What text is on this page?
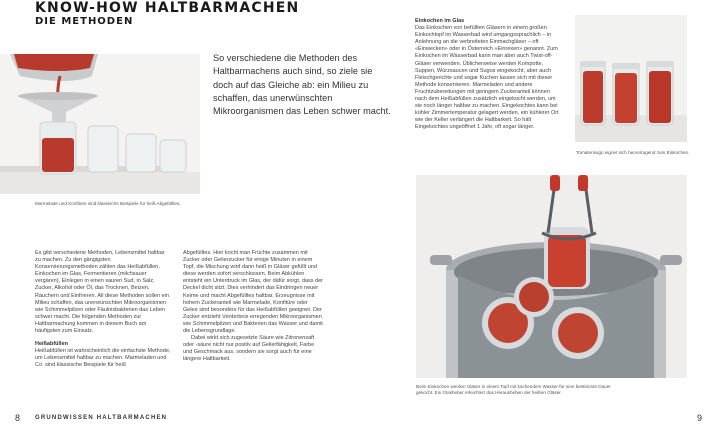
KNOW-HOW HALTBARMACHEN
DIE METHODEN
Marmelade und Konfitüre sind klassische Beispiele für heiß Abgefülltes.
So verschiedene die Methoden des Haltbarmachens auch sind, so ziele sie doch auf das Gleiche ab: ein Milieu zu schaffen, das unerwünschten Mikroorganismen das Leben schwer macht.
Einkochen im Glas

Das Einkochen von befüllten Gläsern in einem großen Einkochtopf im Wasserbad wird umgangssprachlich – in Anlehnung an die verbreiteten Einmachgläser – oft «Einwecken» oder in Österreich «Einrexen» genannt. Zum Einkochen im Wasserbad kann man aber auch Twist-off-Gläser verwenden. Üblicherweise werden Kompotte, Suppen, Würzsaucen und Sugos eingekocht, aber auch Fleischgerichte und sogar Kuchen lassen sich mit dieser Methode konservieren. Marmeladen und andere Fruchtzubereitungen mit geringem Zuckeranteil können nach dem Heißabfüllen zusätzlich eingekocht werden, um sie noch länger haltbar zu machen. Eingekochtes kann bei kühler Zimmertemperatur gelagert werden, ein kühlerer Ort wie der Keller verlängert die Haltbarkeit. So hält Eingekochtes ungeöffnet 1 Jahr, oft sogar länger.

Tomatensugo eignet sich hervorragend zum Einkochen.

Es gibt verschiedene Methoden, Lebensmittel haltbar zu machen. Zu den gängigsten Konservierungsmethoden zählen das Heißabfüllen, Einkochen im Glas, Fermentieren (milchsauer vergären), Einlegen in einen sauren Sud, in Salz, Zucker, Alkohol oder Öl, das Trocknen, Beizen, Räuchern und Einfrieren. All diese Methoden sollen ein Milieu schaffen, das unerwünschten Mikroorganismen wie Schimmelpilzen oder Fäulnisbakterien das Leben schwer macht. Die folgenden Methoden zur Haltbarmachung kommen in diesem Buch am häufigsten zum Einsatz.

Heißabfüllen

Heißabfüllen ist wahrscheinlich die einfachste Methode, um Lebensmittel haltbar zu machen. Marmeladen und Co. sind klassische Beispiele für heiß

Abgefülltes. Hier kocht man Früchte zusammen mit Zucker oder Gelierzucker für einige Minuten in einem Topf, die Mischung wird dann heiß in Gläser gefüllt und diese werden sofort verschlossen. Beim Abkühlen entsteht ein Unterdruck im Glas, der dafür sorgt, dass der Deckel dicht sitzt. Dies verhindert das Eindringen neuer Keime und macht Abgefülltes haltbar. Erzeugnisse mit hohem Zuckeranteil wie Marmelade, Konfitüre oder Gelee sind besonders für das Heißabfüllen geeignet. Der Zucker entzieht Verderbnis erregenden Mikroorganismen wie Schimmelpilzen und Bakterien das Wasser und damit die Lebensgrundlage.

Dabei wirkt sich zugesetzte Säure wie Zitronensaft oder -säure nicht nur positiv auf Gelierfähigkeit, Farbe und Geschmack aus, sondern sie sorgt auch für eine längere Haltbarkeit.

Beim Einkochen werden Gläser in einem Topf mit kochendem Wasser für eine bestimmte Dauer gekocht. Ein Glasheber erleichtert das Herausheben der heißen Gläser.
8 GRUNDWISSEN HALTBARMACHEN	9
